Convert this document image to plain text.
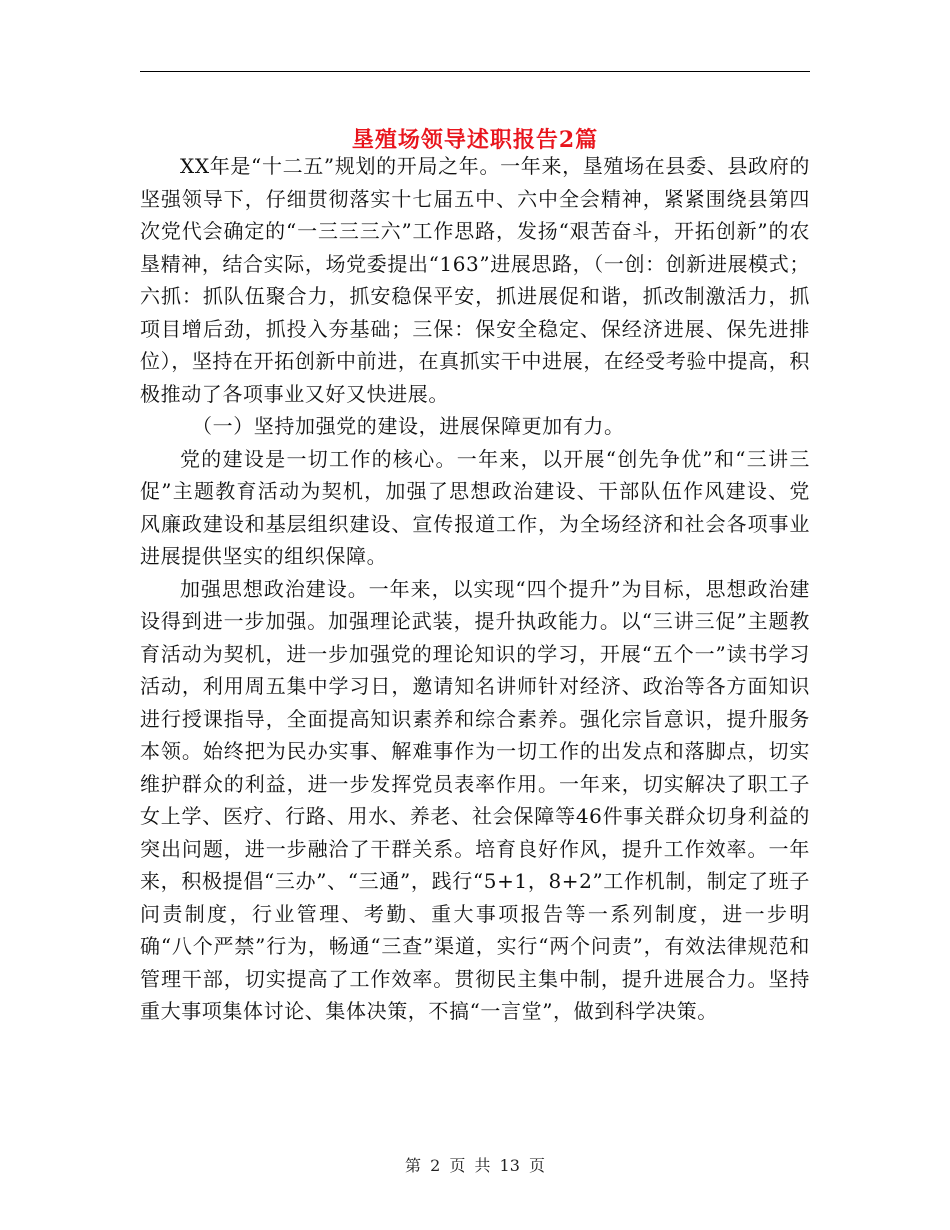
垦殖场领导述职报告2篇

XX年是“十二五”规划的开局之年。一年来，垦殖场在县委、县政府的坚强领导下，仔细贯彻落实十七届五中、六中全会精神，紧紧围绕县第四次党代会确定的“一三三三六”工作思路，发扬“艰苦奋斗，开拓创新”的农垦精神，结合实际，场党委提出“163”进展思路，（一创：创新进展模式；六抓：抓队伍聚合力，抓安稳保平安，抓进展促和谐，抓改制激活力，抓项目增后劲，抓投入夯基础；三保：保安全稳定、保经济进展、保先进排位），坚持在开拓创新中前进，在真抓实干中进展，在经受考验中提高，积极推动了各项事业又好又快进展。

（一）坚持加强党的建设，进展保障更加有力。

党的建设是一切工作的核心。一年来，以开展“创先争优”和“三讲三促”主题教育活动为契机，加强了思想政治建设、干部队伍作风建设、党风廉政建设和基层组织建设、宣传报道工作，为全场经济和社会各项事业进展提供坚实的组织保障。

加强思想政治建设。一年来，以实现“四个提升”为目标，思想政治建设得到进一步加强。加强理论武装，提升执政能力。以“三讲三促”主题教育活动为契机，进一步加强党的理论知识的学习，开展“五个一”读书学习活动，利用周五集中学习日，邀请知名讲师针对经济、政治等各方面知识进行授课指导，全面提高知识素养和综合素养。强化宗旨意识，提升服务本领。始终把为民办实事、解难事作为一切工作的出发点和落脚点，切实维护群众的利益，进一步发挥党员表率作用。一年来，切实解决了职工子女上学、医疗、行路、用水、养老、社会保障等46件事关群众切身利益的突出问题，进一步融洽了干群关系。培育良好作风，提升工作效率。一年来，积极提倡“三办”、“三通”，践行“5+1，8+2”工作机制，制定了班子问责制度，行业管理、考勤、重大事项报告等一系列制度，进一步明确“八个严禁”行为，畅通“三查”渠道，实行“两个问责”，有效法律规范和管理干部，切实提高了工作效率。贯彻民主集中制，提升进展合力。坚持重大事项集体讨论、集体决策，不搞“一言堂”，做到科学决策。

第 2 页 共 13 页
